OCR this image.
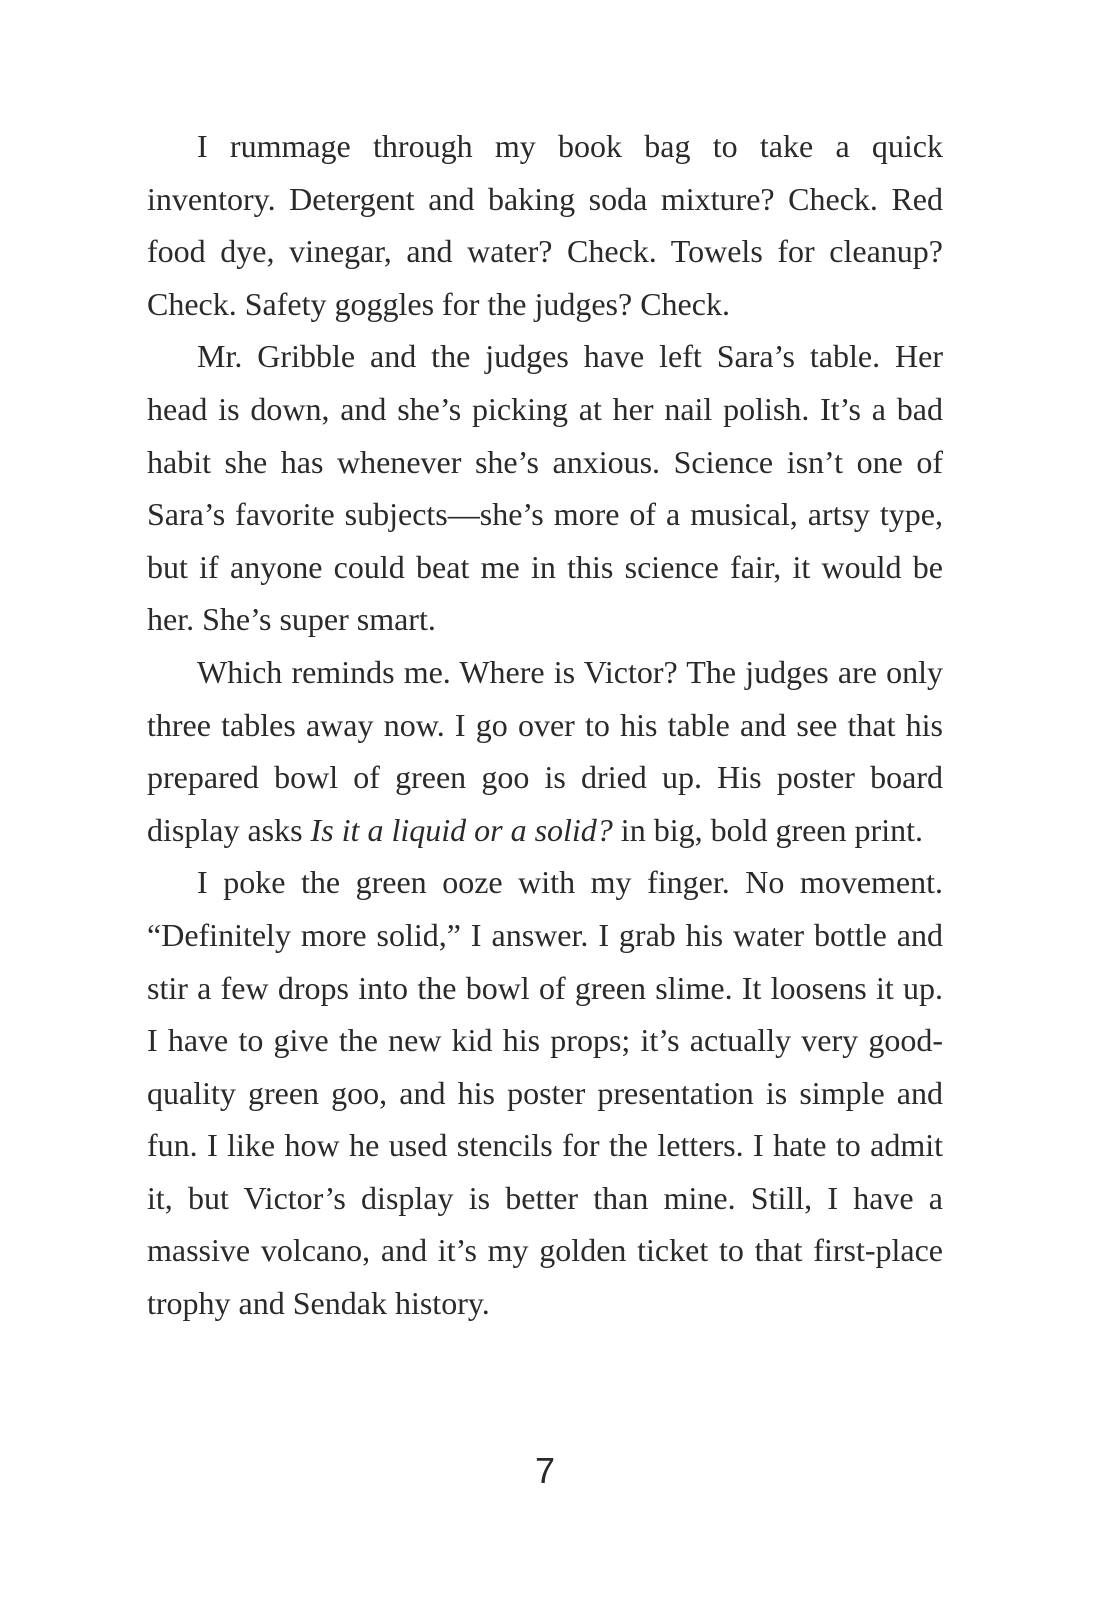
I rummage through my book bag to take a quick inventory. Detergent and baking soda mixture? Check. Red food dye, vinegar, and water? Check. Towels for cleanup? Check. Safety goggles for the judges? Check.

Mr. Gribble and the judges have left Sara’s table. Her head is down, and she’s picking at her nail polish. It’s a bad habit she has whenever she’s anxious. Science isn’t one of Sara’s favorite subjects—she’s more of a musical, artsy type, but if anyone could beat me in this science fair, it would be her. She’s super smart.

Which reminds me. Where is Victor? The judges are only three tables away now. I go over to his table and see that his prepared bowl of green goo is dried up. His poster board display asks Is it a liquid or a solid? in big, bold green print.

I poke the green ooze with my finger. No movement. “Definitely more solid,” I answer. I grab his water bottle and stir a few drops into the bowl of green slime. It loosens it up. I have to give the new kid his props; it’s actually very good-quality green goo, and his poster presentation is simple and fun. I like how he used stencils for the letters. I hate to admit it, but Victor’s display is better than mine. Still, I have a massive volcano, and it’s my golden ticket to that first-place trophy and Sendak history.

7
